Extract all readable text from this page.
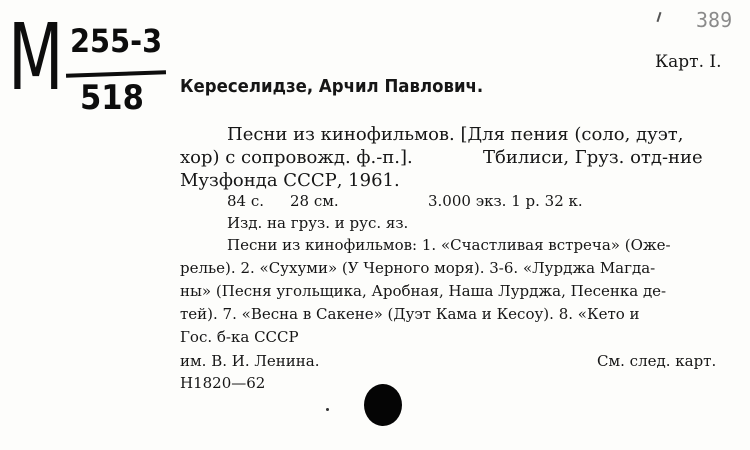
М 255-3
518
389
Карт. I.
Кереселидзе, Арчил Павлович.
Песни из кинофильмов. [Для пения (соло, дуэт,
хор) с сопровожд. ф.-п.].	Тбилиси, Груз. отд-ние
Музфонда СССР, 1961.
84 с. 28 см.	3.000 экз. 1 р. 32 к.
Изд. на груз. и рус. яз.
Песни из кинофильмов: 1. «Счастливая встреча» (Оже-
релье). 2. «Сухуми» (У Черного моря). 3-6. «Лурджа Магда-
ны» (Песня угольщика, Аробная, Наша Лурджа, Песенка де-
тей). 7. «Весна в Сакене» (Дуэт Кама и Кесоу). 8. «Кето и
Гос. б-ка СССР
им. В. И. Ленина.	См. след. карт.
Н1820—62
